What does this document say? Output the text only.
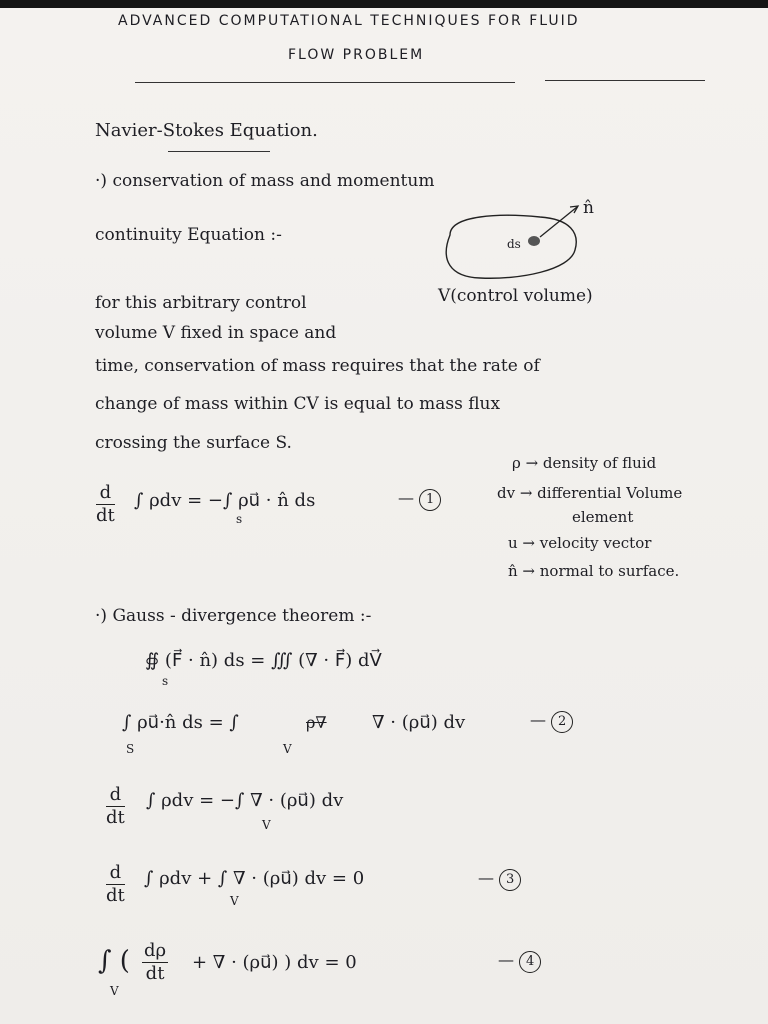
ADVANCED COMPUTATIONAL TECHNIQUES FOR FLUID
FLOW PROBLEM
Navier-Stokes Equation.
·) conservation of mass and momentum
continuity Equation :-	ds
n̂
V(control volume)
for this arbitrary control
volume V fixed in space and
time, conservation of mass requires that the rate of
change of mass within CV is equal to mass flux
crossing the surface S.
$\frac{d}{dt}$ ∫ ρdv = −∫ ρu⃗ · n̂ ds
s
— 1
ρ → density of fluid
dv → differential Volume
element
u → velocity vector
n̂ → normal to surface.
·) Gauss - divergence theorem :-
∯ (F⃗ · n̂) ds = ∭ (∇ · F⃗) dV⃗
s
∫ ρu⃗·n̂ ds = ∫	ρ∇	∇ · (ρu⃗) dv
S	V
— 2
$\frac{d}{dt}$ ∫ ρdv = −∫ ∇ · (ρu⃗) dv
V
$\frac{d}{dt}$ ∫ ρdv + ∫ ∇ · (ρu⃗) dv = 0
V
— 3
∫ ( $\frac{d\rho}{dt}$ + ∇ · (ρu⃗) ) dv = 0
V
— 4
